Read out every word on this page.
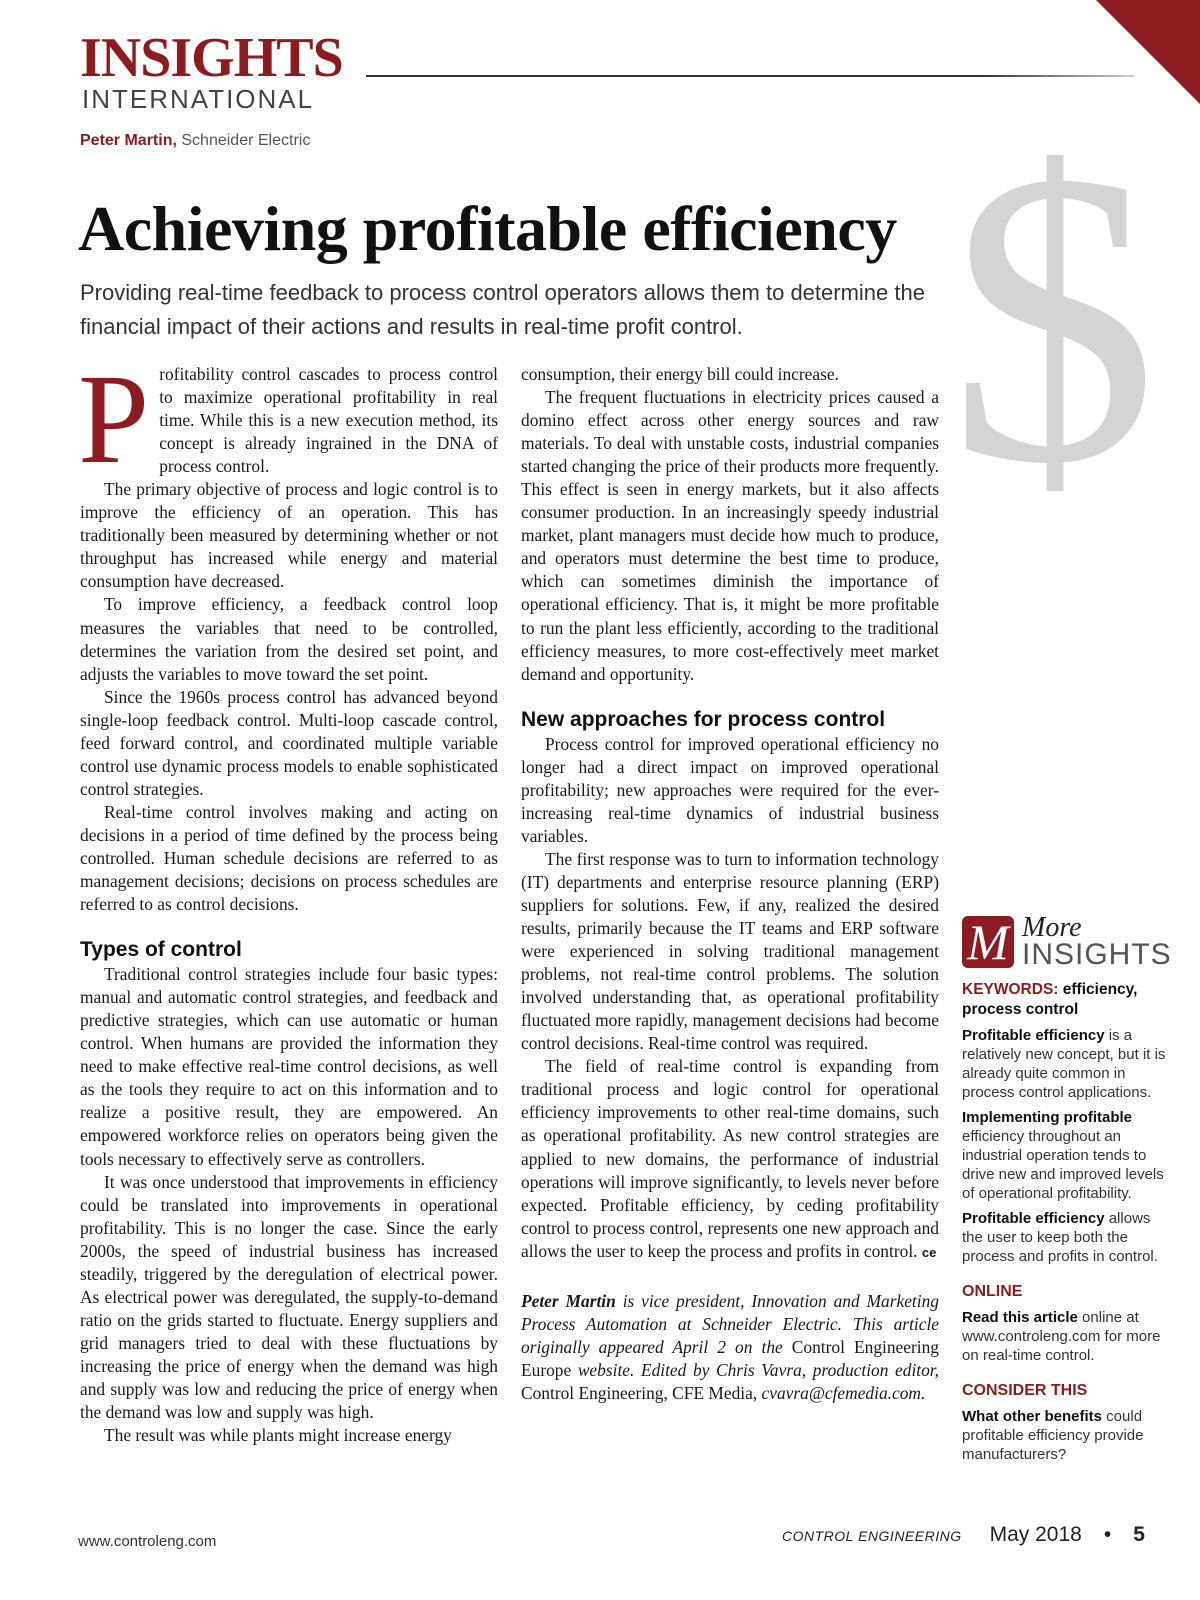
INSIGHTS
INTERNATIONAL
Peter Martin, Schneider Electric $
Achieving profitable efficiency
Providing real-time feedback to process control operators allows them to determine the financial impact of their actions and results in real-time profit control.

Profitability control cascades to process control to maximize operational profitability in real time. While this is a new execution method, its concept is already ingrained in the DNA of process control.

The primary objective of process and logic control is to improve the efficiency of an operation. This has traditionally been measured by determining whether or not throughput has increased while energy and material consumption have decreased.

To improve efficiency, a feedback control loop measures the variables that need to be controlled, determines the variation from the desired set point, and adjusts the variables to move toward the set point.

Since the 1960s process control has advanced beyond single-loop feedback control. Multi-loop cascade control, feed forward control, and coordinated multiple variable control use dynamic process models to enable sophisticated control strategies.

Real-time control involves making and acting on decisions in a period of time defined by the process being controlled. Human schedule decisions are referred to as management decisions; decisions on process schedules are referred to as control decisions.

Types of control

Traditional control strategies include four basic types: manual and automatic control strategies, and feedback and predictive strategies, which can use automatic or human control. When humans are provided the information they need to make effective real-time control decisions, as well as the tools they require to act on this information and to realize a positive result, they are empowered. An empowered workforce relies on operators being given the tools necessary to effectively serve as controllers.

It was once understood that improvements in efficiency could be translated into improvements in operational profitability. This is no longer the case. Since the early 2000s, the speed of industrial business has increased steadily, triggered by the deregulation of electrical power. As electrical power was deregulated, the supply-to-demand ratio on the grids started to fluctuate. Energy suppliers and grid managers tried to deal with these fluctuations by increasing the price of energy when the demand was high and supply was low and reducing the price of energy when the demand was low and supply was high.

The result was while plants might increase energy

consumption, their energy bill could increase.

The frequent fluctuations in electricity prices caused a domino effect across other energy sources and raw materials. To deal with unstable costs, industrial companies started changing the price of their products more frequently. This effect is seen in energy markets, but it also affects consumer production. In an increasingly speedy industrial market, plant managers must decide how much to produce, and operators must determine the best time to produce, which can sometimes diminish the importance of operational efficiency. That is, it might be more profitable to run the plant less efficiently, according to the traditional efficiency measures, to more cost-effectively meet market demand and opportunity.

New approaches for process control

Process control for improved operational efficiency no longer had a direct impact on improved operational profitability; new approaches were required for the ever-increasing real-time dynamics of industrial business variables.

The first response was to turn to information technology (IT) departments and enterprise resource planning (ERP) suppliers for solutions. Few, if any, realized the desired results, primarily because the IT teams and ERP software were experienced in solving traditional management problems, not real-time control problems. The solution involved understanding that, as operational profitability fluctuated more rapidly, management decisions had become control decisions. Real-time control was required.

The field of real-time control is expanding from traditional process and logic control for operational efficiency improvements to other real-time domains, such as operational profitability. As new control strategies are applied to new domains, the performance of industrial operations will improve significantly, to levels never before expected. Profitable efficiency, by ceding profitability control to process control, represents one new approach and allows the user to keep the process and profits in control. ce

Peter Martin is vice president, Innovation and Marketing Process Automation at Schneider Electric. This article originally appeared April 2 on the Control Engineering Europe website. Edited by Chris Vavra, production editor, Control Engineering, CFE Media, cvavra@cfemedia.com.

M More
INSIGHTS
KEYWORDS: efficiency, process control
Profitable efficiency is a relatively new concept, but it is already quite common in process control applications.
Implementing profitable efficiency throughout an industrial operation tends to drive new and improved levels of operational profitability.
Profitable efficiency allows the user to keep both the process and profits in control.
ONLINE
Read this article online at www.controleng.com for more on real-time control.
CONSIDER THIS
What other benefits could profitable efficiency provide manufacturers?
www.controleng.com	CONTROL ENGINEERING May 2018 • 5
